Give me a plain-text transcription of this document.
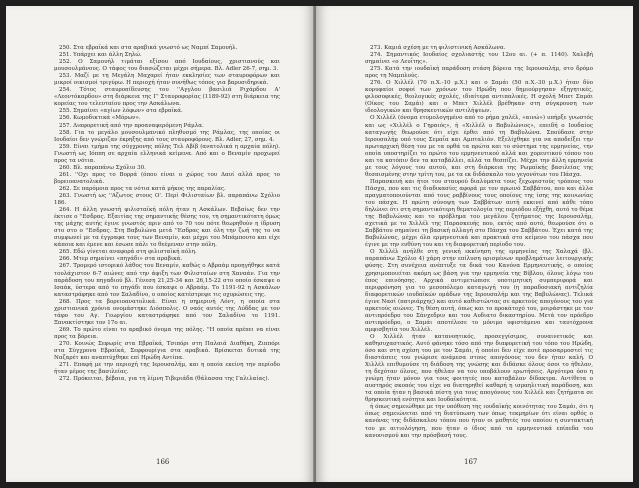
250. Στα εβραϊκά και στα αραβικά γνωστό ως Ναμπί Σαμουήλ.

251. Υπάρχει και άλλη Σηλώ.

252. Ο Σαμουήλ τιμάται εξίσου από Ιουδαίους, χριστιανούς και μουσουλμάνους. Ο τάφος του διασώζεται μέχρι σήμερα. Βλ. Adler 26-7, σημ. 3.

253. Μαζί με τη Μεγάλη Μαχαρεί ήταν εκκλησίες των σταυροφόρων και μικροί οικισμοί τριγύρω. Η περιοχή ήταν συνήθως τόπος για βαρυσιδηρικά.

254. Τότος σταυροπίδευσης του ''Αγγλου βασιλιά Ριχάρδου Α' «Λεοντόκαρδου» στη διάρκεια της Γ' Σταυροφορίας (1189-92) στη διάρκεια της κορείας του τελευταίου προς την Ασκάλωνα.

255. Σημαίνει «αγίων λόφων» στα εβραϊκά.

256. Κωμοδικτικά «Μόρων».

257. Διαφορετική από την προαναφερόμενη Ράμλα.

258. Για το μεγάλο μουσουλμανικό πληθυσμό της Ράμλας, της οποίας οι Ιουδαίοι δεν γνώριζαν έκρηξης από τους σταυροφόρους. Βλ. Adler, 27, σημ. 4.

259. Είναι τμήμα της σύγχρονης πόλης Τελ Αβίβ (ανατολικά η αρχαία πόλη). Γνωστή ως Ιόππη σε αρχαία ελληνικά κείμενα. Από και ο Βεναμίν προχωρεί προς τα νότια.

260. Βλ. παραπάνω Σχόλιο 30.

261. ''Οχι προς το Βορρά (όπου είναι ο χώρος του Δαυί αλλά προς το βορειοανατολικά.

262. Σε παρόμοια προς τα νότια κατά μήκος της παραλίας.

263. Γνωστή ως ''Αζωτος στους Ο'. Περί Φιλισταίων βλ. παραπάνω Σχόλιο 186.

264. Η άλλη γνωστή φιλισταϊκή πόλη ήταν η Ασκάλων. Βεβαίως δεν την έκτισε ο ''Εσδρας. Εξαιτίας της σημαντικής θέσης του, τη σημαντικότατη όμως της μάχης αυτής έγινε γνωστός πριν από το 70 του πότε θεωρηθούν η ίδρυση στο στο ο ''Εσδρας. Στη Βαβυλώνα μετά ''Εσδρας και όλη την ζωή της το να συμφωνεί με τα έγγραφα τους των Βεναμίν, και μέχρι του Μπάμπουτο και είχε κάποια και έμενε και έσωσε πάλι το θεέμεναν στην πόλη.

265. Εδώ γίνεται αναφορά στη φιλισταϊκή πόλη.

266. Μτερ σημαίνει «πηγάδι» στα αραβικά.

267. Τρομερό ιστορικό λάθος του Βεναμίν, καθώς ο Αβραάμ προηγήθηκε κατά τουλάχιστον 6-7 αιώνες από την άφιξη των Φιλισταίων στη Χαναάν. Για την παράδοση του πηγαδιού βλ. Γένεση 21,25-34 και 26,15-22 στο οποίο έσκαψε ο Ισαάκ, ύστερα από το πηγάδι που έσκαψε ο Αβραάμ. Το 1191-92 η Ασκάλων καταστράφηκε από τον Σαλαδίνο, ο οποίος κατέστρεψε τις οχυρώσεις της.

268. Προς τα βορειοανατολικά. Είναι η σημερινή Λόντ, η οποία στα χριστιανικά χρόνια ονομάστηκε Διόσπολις. Ο ναός αυτός της Λύδδας με τον τάφο του Αγ. Γεωργίου καταστράφηκε από τον Σαλαδίνο το 1191. Ξανακτίστηκε τον 17ο αι.

269. Το πρώτο είναι το αραβικό όνομα της πόλης. ''Η οποία πρέπει να είναι προς τα βόρεια.

270. Κοινώς Σεφωρίς στα Εβραϊκά, Τσιπόρι στη Παλαιά Διαθήκη, Ζιππόρι στα Σύγχρονα Εβραϊκά, Σεφφουρίγια στα αραβικά. Βρίσκεται δυτικά της Ναζαρέτ και αναπτύχθηκε επί Ηρώδη Αντίπα.

271. Επαφή με την περιοχή της Ιερουσαλήμ, και η οποία εκείνη την περίοδο ήταν μέρος της βασιλείας.

272. Πρόκειται, βέβαια, για τη λίμνη Τιβεριάδα (θάλασσα της Γαλιλαίας).

166

273. Καμιά σχέση με τη φιλιστινική Ασκάλωνα.

274. Σημαντικός Ιουδαίος σχολιαστής του 12ου αι. (+ π. 1140). Χαλεβή σημαίνει «ο Λευΐτης».

275. Κατά την ιουδαϊκή παράδοση στάση βόρεια της Ιερουσαλήμ, στο δρόμο προς τη Ναμπλούς.

276. Ο Χιλλέλ (70 π.Χ.-10 μ.Χ.) και ο Σαμάι (50 π.Χ.-30 μ.Χ.) ήταν δύο κορυφαίοι σοφοί των χρόνων του Ηρώδη που δημιούργησαν εξηγητικές, φιλοσοφικές, θεολογικές σχολές, ιδιαίτερα αντιπαλικές. Η σχολή Μπετ Σαμάι (Οίκος του Σαμάι) και ο Μπετ Χιλλέλ βρέθηκαν στη σύγκρουση των ιδεολογικών και θρησκευτικών αντιλήψεων.

Ο Χιλλέλ (όνομα ετυμολογημένο από το ρήμα χαλέλ, «αινώ») υπήρξε γνωστός και ως «Χιλλέλ ο Γηραιός», ή «Χιλλέλ ο Βαβυλώνιος», επειδή ο Ιουδαίος καταγωγής θεωρούσε ότι είχε έρθει από τη Βαβυλώνα. Σπούδασε στην Ιερουσαλήμ υπό τους Σεμαΐα και Αμπταλιόν. Εξελίχθηκε για να αποδείξει την πρωταρχική θέση του με τα ορθά τα πρώτα και το σύστημα της ερμηνείας, την οποία υποστηρίζει το πρώτο του ερμηνευτικού αλλά και χορευτικού τόπου του και τα κατόπιν δεν τα καταβάλλει, αλλά τα θεσπίζει. Μέχρι την άλλη ερμηνεία με τους λόγους του αυτού, και στη διάρκεια της Ρωμαϊκής βασιλείας της θεσπισμένης στην τρίτη του, με τα εκ διδάσκαλο του γεγονότων του Πάσχα.

Παρασκευή και ήτοι του σταυρού διαλύματα τους ξεχωριστούς τρόπους του Πάσχα, που και τις διαδικασίες αφορά με τον πρωινό Σαββάτου, που και άλλα πραγματοποιούνται από τους ραββίνους τους οποίους της ίσης της κοινωνίας του πάσχα. Η πρώτη σύνοψη των Σαββάτων αυτή εκκινεί από κάθε τόπο δηλώνει ότι στη σημαντικότερη θεματολογία της περιόδου εξήχθη, αυτό το θέμα της Βαβυλώνας και το πρόβλημα του μεγάλου ζητήματος της Ιερουσαλήμ, σχετικά με το Χιλλέλ της Παρασκευής που, εκτός από αυτό, θεωρούσε ότι ο Σαββάτου σημαίνει τη βασική αλλαγή στο Πάσχα του Σαββάτου. Έχει κατά της Βαβυλώνας, μέχρι όλα ερμηνευτικά και πρακτικά στο κείμενο του πάσχα που έγινε με την ευθύνη του και τη διαφορετική περίοδο του.

Ο Χιλλέλ ανήλθε στη γενική εκκίνηση της ερμηνείας της Χαλαχά (βλ. παραπάνω Σχόλιο 4) χάρη στην επίλυση ορισμένων προβλημάτων λειτουργικής φύσης. Στη συνέχεια ανέπτυξε τα δικά του Κανόνα Ερμηνευτικής, ο οποίος χρησιμοποιείται ακόμη ως βάση για την ερμηνεία της Βίβλου, όλους λόγω του έπος επινόησης. Αρχικά αντιμετώπισε υποτιμητική συμπεριφορά και περιφρόνηση για το μεσοπόλεμο καταγωγή του (η παραδοσιακή αντιζηλία διαφορετικών ιουδαϊκών ομάδων της Ιερουσαλήμ και της Βαβυλώνας). Τελικά έγινε Νασί (πατριάρχης) και αυτό καθιστώντας σε αρκετούς απογόνους του για αρκετούς αιώνες. Τη θέση αυτή, όπως και το προκάτοχό του, μοιράστηκε με τον αντιπρόεδρο του Σάνχεδριν και του Αυδιατο δικαστηρίου. Μετά τον πρόεδρο αντιπρόεδρο, ο Σαμάι αποτέλεσε το μόνιμο υφιστάμενο και ταυτόχρονα αμφισβητία του Χιλλέλ.

Ο Χιλλέλ ήταν κατανοητικός, προσεγγίσιμος, συναινετικός και καθησυχαστικός. Αυτό φάνηκε τόσο από την διαφορετική του τόπο του Ηρώδη, όσο και στη σχέση του με τον Σαμάι, ή οποίοι δεν είχε ποτέ προσαρμοστεί τις διαστάσεις του γνώρισε ανάμεσα στους απογόνους του δεν ήταν καλή. Ο Χιλλέλ επιθυμούσε τη διάδοση της γνώσης και διδάσκε όλους όσοι το ήθελαν, τη δεχόταν όλους, που ήθελαν να του υποβάλουν ερωτήσεις. Αργότερα όσο η γνώμη ήταν μόνον για τους φοιτητές που καταβάλαν δίδακτρα. Αντίθετα ο αυστηρός σκοπός του είχε να διατηρηθεί καθαρή η ισραηλιτική παράδοση, και τα οποία ήταν η βασικά πίστη για τους απογόνους του Χιλλέλ και ζητήματα σε θρησκευτική ενότητα και Ιουδαϊκότητα.

ή όπως σημειώθηκε με την υπόθεση της ιουδαϊκής κοινότητας του Σαμάι, ότι η όπως σημειώνεται από τη διατύπωση των όπως τεκμηρίων ότι είναι ορθός ο κανόνας της διδάσκαλου τόπου που ήταν οι μαθητές του οποίου η συντακτική του με αιτιολόγηση, που ήταν ο ίδιος από τα ερμηνευτικά επίπεδα του κανονισμού και την πρόσβασή τους.

167
